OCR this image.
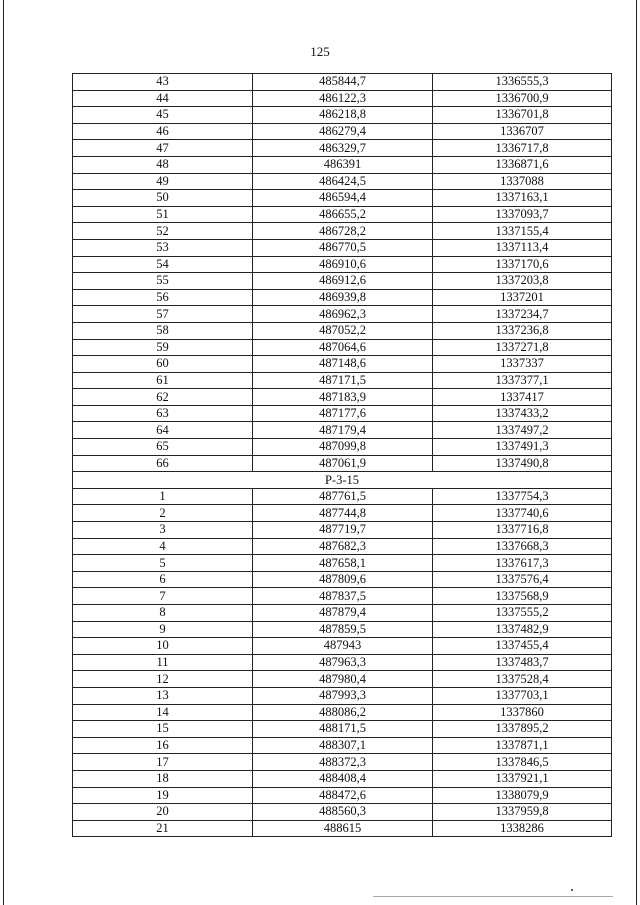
125
43	485844,7	1336555,3
44	486122,3	1336700,9
45	486218,8	1336701,8
46	486279,4	1336707
47	486329,7	1336717,8
48	486391	1336871,6
49	486424,5	1337088
50	486594,4	1337163,1
51	486655,2	1337093,7
52	486728,2	1337155,4
53	486770,5	1337113,4
54	486910,6	1337170,6
55	486912,6	1337203,8
56	486939,8	1337201
57	486962,3	1337234,7
58	487052,2	1337236,8
59	487064,6	1337271,8
60	487148,6	1337337
61	487171,5	1337377,1
62	487183,9	1337417
63	487177,6	1337433,2
64	487179,4	1337497,2
65	487099,8	1337491,3
66	487061,9	1337490,8
Р-3-15		
1	487761,5	1337754,3
2	487744,8	1337740,6
3	487719,7	1337716,8
4	487682,3	1337668,3
5	487658,1	1337617,3
6	487809,6	1337576,4
7	487837,5	1337568,9
8	487879,4	1337555,2
9	487859,5	1337482,9
10	487943	1337455,4
11	487963,3	1337483,7
12	487980,4	1337528,4
13	487993,3	1337703,1
14	488086,2	1337860
15	488171,5	1337895,2
16	488307,1	1337871,1
17	488372,3	1337846,5
18	488408,4	1337921,1
19	488472,6	1338079,9
20	488560,3	1337959,8
21	488615	1338286
